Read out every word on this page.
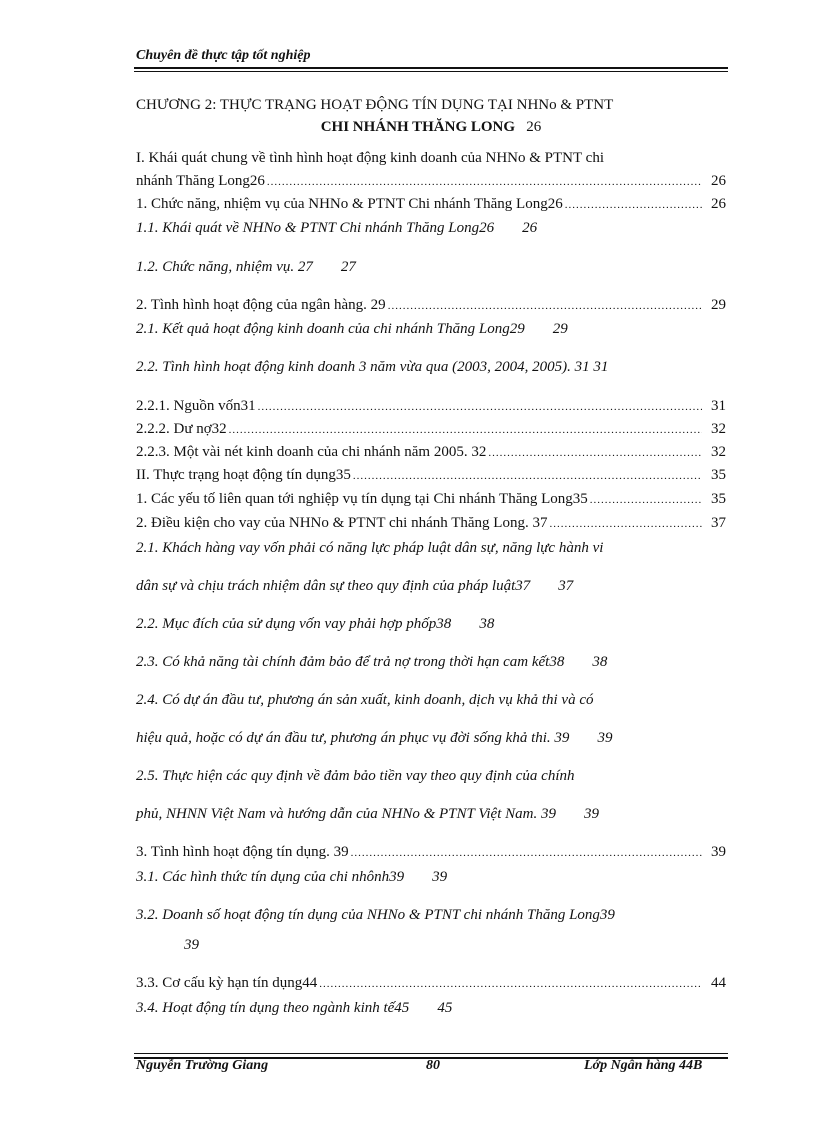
Chuyên đề thực tập tốt nghiệp
CHƯƠNG 2: THỰC TRẠNG HOẠT ĐỘNG TÍN DỤNG TẠI NHNo & PTNT
CHI NHÁNH THĂNG LONG 26
I. Khái quát chung về tình hình hoạt động kinh doanh của NHNo & PTNT chi
nhánh Thăng Long26 .....	26
1. Chức năng, nhiệm vụ của NHNo & PTNT Chi nhánh Thăng Long26 .....	26
1.1. Khái quát về NHNo & PTNT Chi nhánh Thăng Long26 26
1.2. Chức năng, nhiệm vụ. 27 27
2. Tình hình hoạt động của ngân hàng. 29 .....	29
2.1. Kết quả hoạt động kinh doanh của chi nhánh Thăng Long29 29
2.2. Tình hình hoạt động kinh doanh 3 năm vừa qua (2003, 2004, 2005). 31 31
2.2.1. Nguồn vốn31 .....	31
2.2.2. Dư nợ32 .....	32
2.2.3. Một vài nét kinh doanh của chi nhánh năm 2005. 32 .....	32
II. Thực trạng hoạt động tín dụng35 .....	35
1. Các yếu tố liên quan tới nghiệp vụ tín dụng tại Chi nhánh Thăng Long35 .....	35
2. Điều kiện cho vay của NHNo & PTNT chi nhánh Thăng Long. 37 .....	37
2.1. Khách hàng vay vốn phải có năng lực pháp luật dân sự, năng lực hành vi
dân sự và chịu trách nhiệm dân sự theo quy định của pháp luật37 37
2.2. Mục đích của sử dụng vốn vay phải hợp phốp38 38
2.3. Có khả năng tài chính đảm bảo để trả nợ trong thời hạn cam kết38 38
2.4. Có dự án đầu tư, phương án sản xuất, kinh doanh, dịch vụ khả thi và có
hiệu quả, hoặc có dự án đầu tư, phương án phục vụ đời sống khả thi. 39 39
2.5. Thực hiện các quy định về đảm bảo tiền vay theo quy định của chính
phủ, NHNN Việt Nam và hướng dẫn của NHNo & PTNT Việt Nam. 39 39
3. Tình hình hoạt động tín dụng. 39 .....	39
3.1. Các hình thức tín dụng của chi nhônh39 39
3.2. Doanh số hoạt động tín dụng của NHNo & PTNT chi nhánh Thăng Long39
39
3.3. Cơ cấu kỳ hạn tín dụng44 .....	44
3.4. Hoạt động tín dụng theo ngành kinh tế45 45
Nguyễn Trường Giang	80	Lớp Ngân hàng 44B
